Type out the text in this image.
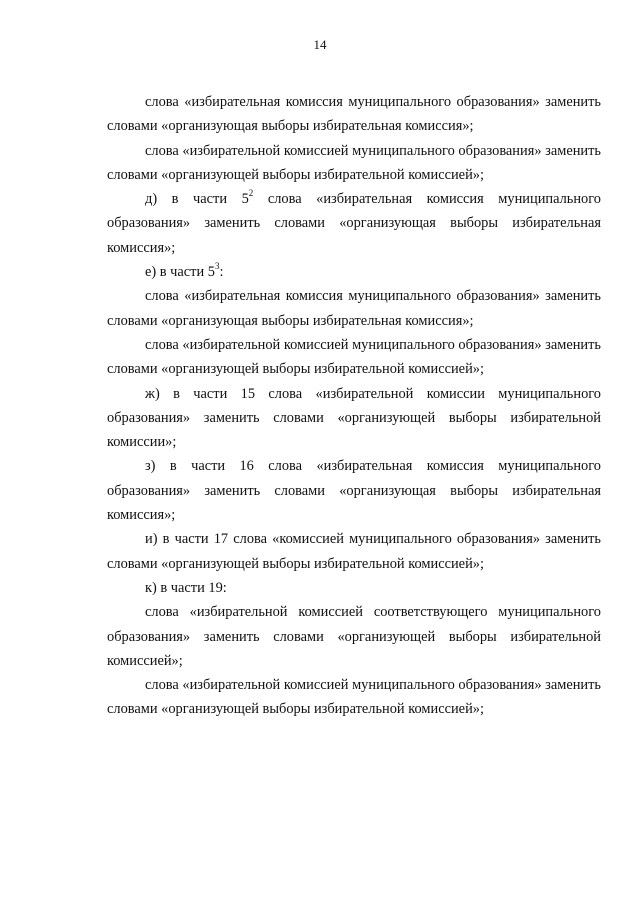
14

слова «избирательная комиссия муниципального образования» заменить словами «организующая выборы избирательная комиссия»;

слова «избирательной комиссией муниципального образования» заменить словами «организующей выборы избирательной комиссией»;

д) в части $5^2$ слова «избирательная комиссия муниципального образования» заменить словами «организующая выборы избирательная комиссия»;

е) в части $5^3$:

слова «избирательная комиссия муниципального образования» заменить словами «организующая выборы избирательная комиссия»;

слова «избирательной комиссией муниципального образования» заменить словами «организующей выборы избирательной комиссией»;

ж) в части 15 слова «избирательной комиссии муниципального образования» заменить словами «организующей выборы избирательной комиссии»;

з) в части 16 слова «избирательная комиссия муниципального образования» заменить словами «организующая выборы избирательная комиссия»;

и) в части 17 слова «комиссией муниципального образования» заменить словами «организующей выборы избирательной комиссией»;

к) в части 19:

слова «избирательной комиссией соответствующего муниципального образования» заменить словами «организующей выборы избирательной комиссией»;

слова «избирательной комиссией муниципального образования» заменить словами «организующей выборы избирательной комиссией»;
